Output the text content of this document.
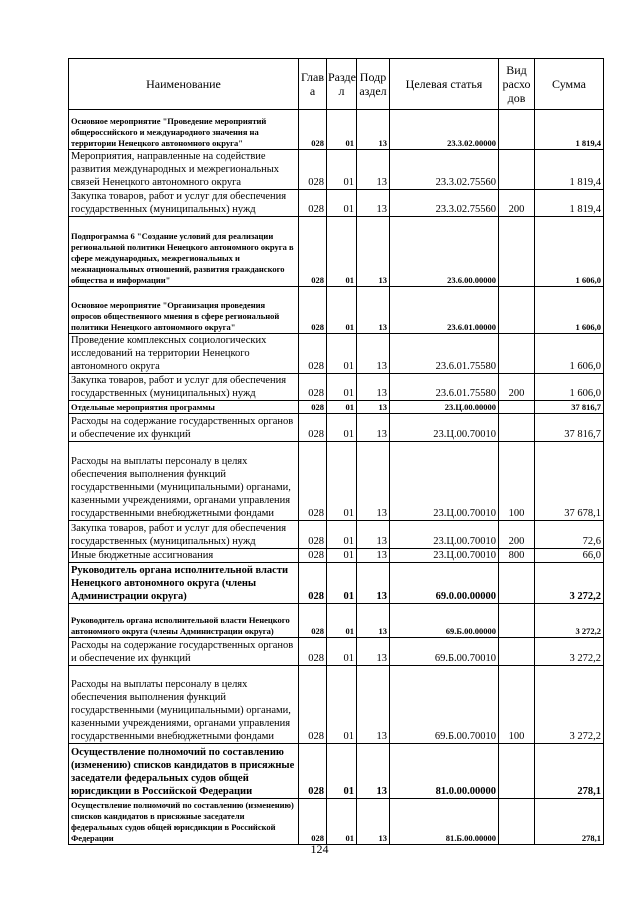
Наименование	Глав а	Разде л	Подр аздел	Целевая статья	Вид расхо дов	Сумма
Основное мероприятие "Проведение мероприятий общероссийского и международного значения на территории Ненецкого автономного округа"	028	01	13	23.3.02.00000		1 819,4
Мероприятия, направленные на содействие развития международных и межрегиональных связей Ненецкого автономного округа	028	01	13	23.3.02.75560		1 819,4
Закупка товаров, работ и услуг для обеспечения государственных (муниципальных) нужд	028	01	13	23.3.02.75560	200	1 819,4
Подпрограмма 6 "Создание условий для реализации региональной политики Ненецкого автономного округа в сфере международных, межрегиональных и межнациональных отношений, развития гражданского общества и информации"	028	01	13	23.6.00.00000		1 606,0
Основное мероприятие "Организация проведения опросов общественного мнения в сфере региональной политики Ненецкого автономного округа"	028	01	13	23.6.01.00000		1 606,0
Проведение комплексных социологических исследований на территории Ненецкого автономного округа	028	01	13	23.6.01.75580		1 606,0
Закупка товаров, работ и услуг для обеспечения государственных (муниципальных) нужд	028	01	13	23.6.01.75580	200	1 606,0
Отдельные мероприятия программы	028	01	13	23.Ц.00.00000		37 816,7
Расходы на содержание государственных органов и обеспечение их функций	028	01	13	23.Ц.00.70010		37 816,7
Расходы на выплаты персоналу в целях обеспечения выполнения функций государственными (муниципальными) органами, казенными учреждениями, органами управления государственными внебюджетными фондами	028	01	13	23.Ц.00.70010	100	37 678,1
Закупка товаров, работ и услуг для обеспечения государственных (муниципальных) нужд	028	01	13	23.Ц.00.70010	200	72,6
Иные бюджетные ассигнования	028	01	13	23.Ц.00.70010	800	66,0
Руководитель органа исполнительной власти Ненецкого автономного округа (члены Администрации округа)	028	01	13	69.0.00.00000		3 272,2
Руководитель органа исполнительной власти Ненецкого автономного округа (члены Администрации округа)	028	01	13	69.Б.00.00000		3 272,2
Расходы на содержание государственных органов и обеспечение их функций	028	01	13	69.Б.00.70010		3 272,2
Расходы на выплаты персоналу в целях обеспечения выполнения функций государственными (муниципальными) органами, казенными учреждениями, органами управления государственными внебюджетными фондами	028	01	13	69.Б.00.70010	100	3 272,2
Осуществление полномочий по составлению (изменению) списков кандидатов в присяжные заседатели федеральных судов общей юрисдикции в Российской Федерации	028	01	13	81.0.00.00000		278,1
Осуществление полномочий по составлению (изменению) списков кандидатов в присяжные заседатели федеральных судов общей юрисдикции в Российской Федерации	028	01	13	81.Б.00.00000		278,1
124
